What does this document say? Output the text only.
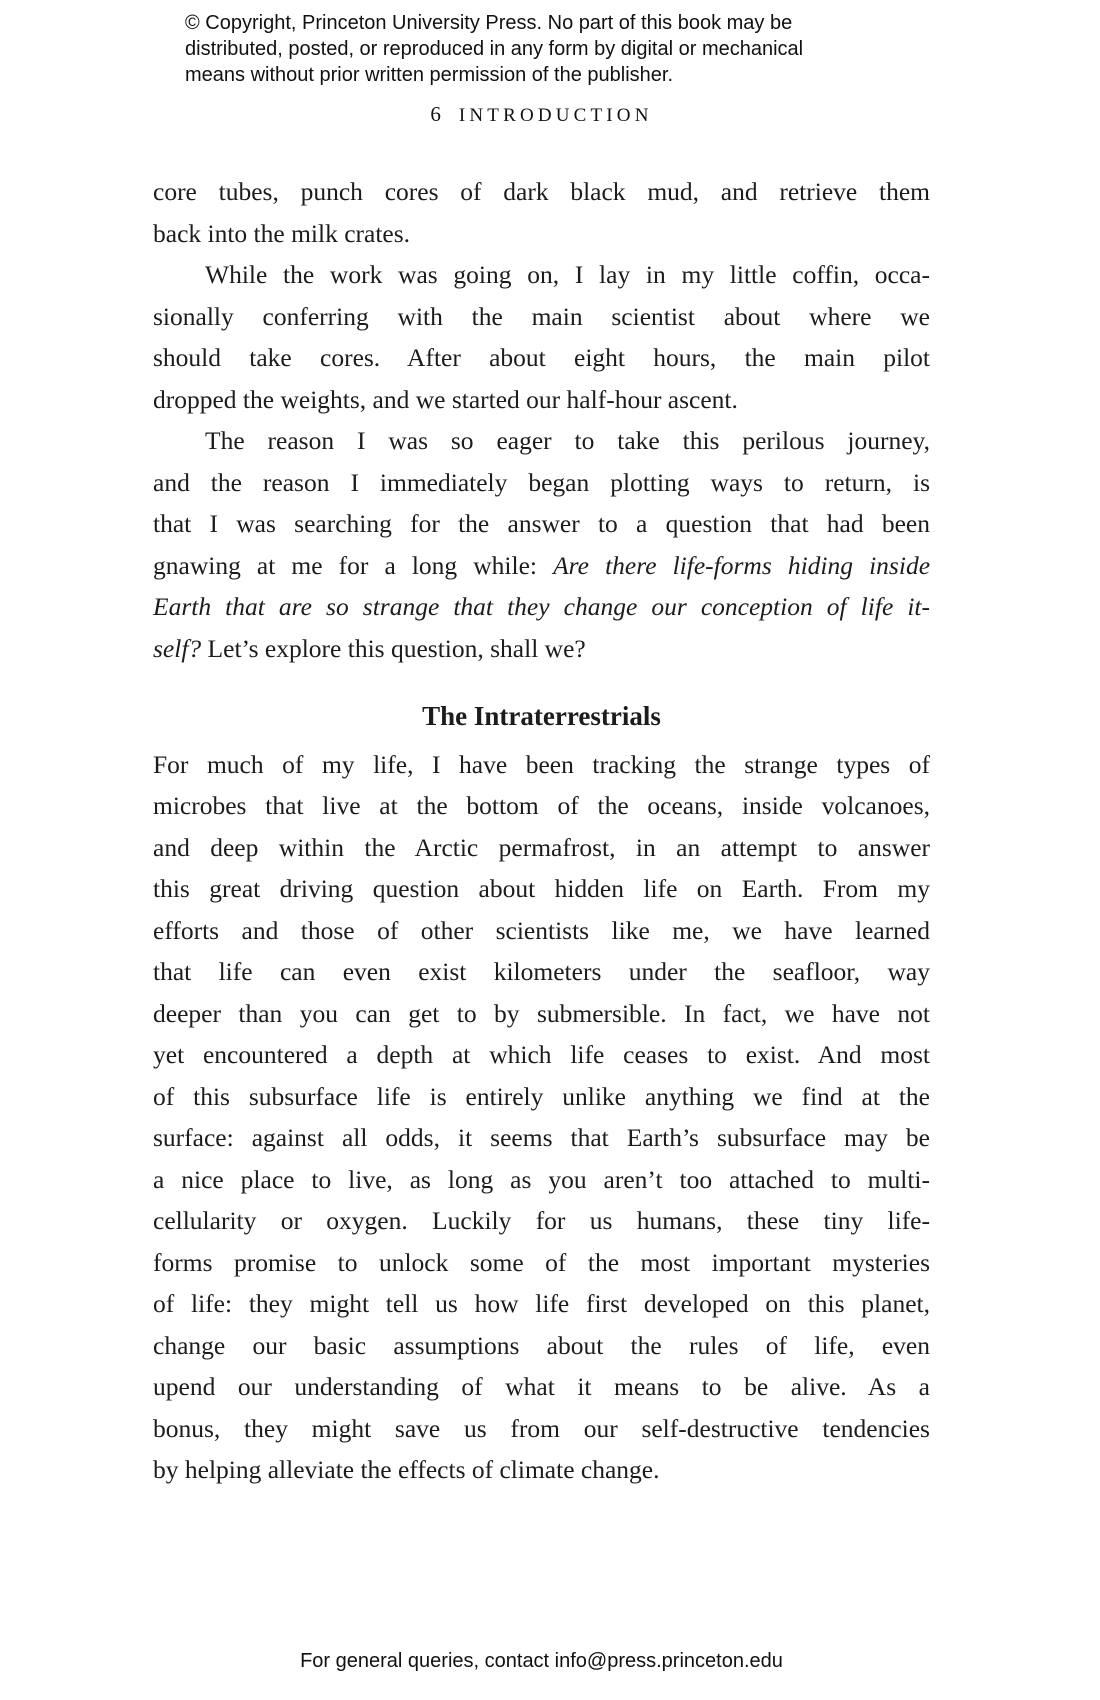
© Copyright, Princeton University Press. No part of this book may be
distributed, posted, or reproduced in any form by digital or mechanical
means without prior written permission of the publisher.
6 INTRODUCTION
core tubes, punch cores of dark black mud, and retrieve them
back into the milk crates.
While the work was going on, I lay in my little coffin, occa-
sionally conferring with the main scientist about where we
should take cores. After about eight hours, the main pilot
dropped the weights, and we started our half-hour ascent.
The reason I was so eager to take this perilous journey,
and the reason I immediately began plotting ways to return, is
that I was searching for the answer to a question that had been
gnawing at me for a long while: Are there life-forms hiding inside
Earth that are so strange that they change our conception of life it-
self? Let’s explore this question, shall we?
The Intraterrestrials
For much of my life, I have been tracking the strange types of
microbes that live at the bottom of the oceans, inside volcanoes,
and deep within the Arctic permafrost, in an attempt to answer
this great driving question about hidden life on Earth. From my
efforts and those of other scientists like me, we have learned
that life can even exist kilometers under the seafloor, way
deeper than you can get to by submersible. In fact, we have not
yet encountered a depth at which life ceases to exist. And most
of this subsurface life is entirely unlike anything we find at the
surface: against all odds, it seems that Earth’s subsurface may be
a nice place to live, as long as you aren’t too attached to multi-
cellularity or oxygen. Luckily for us humans, these tiny life-
forms promise to unlock some of the most important mysteries
of life: they might tell us how life first developed on this planet,
change our basic assumptions about the rules of life, even
upend our understanding of what it means to be alive. As a
bonus, they might save us from our self-destructive tendencies
by helping alleviate the effects of climate change.
For general queries, contact info@press.princeton.edu
